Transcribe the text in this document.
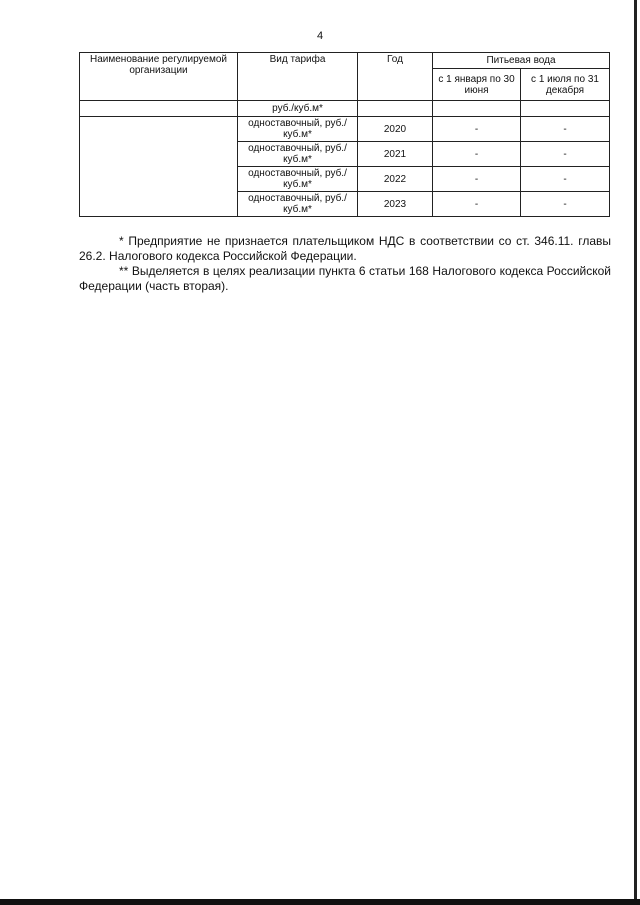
4
Наименование регулируемой организации	Вид тарифа	Год	Питьевая вода	
			с 1 января по 30 июня	с 1 июля по 31 декабря
	руб./куб.м*			
	одноставочный, руб./куб.м*	2020	-	-
	одноставочный, руб./куб.м*	2021	-	-
	одноставочный, руб./куб.м*	2022	-	-
	одноставочный, руб./куб.м*	2023	-	-

* Предприятие не признается плательщиком НДС в соответствии со ст. 346.11. главы 26.2. Налогового кодекса Российской Федерации.

** Выделяется в целях реализации пункта 6 статьи 168 Налогового кодекса Российской Федерации (часть вторая).
